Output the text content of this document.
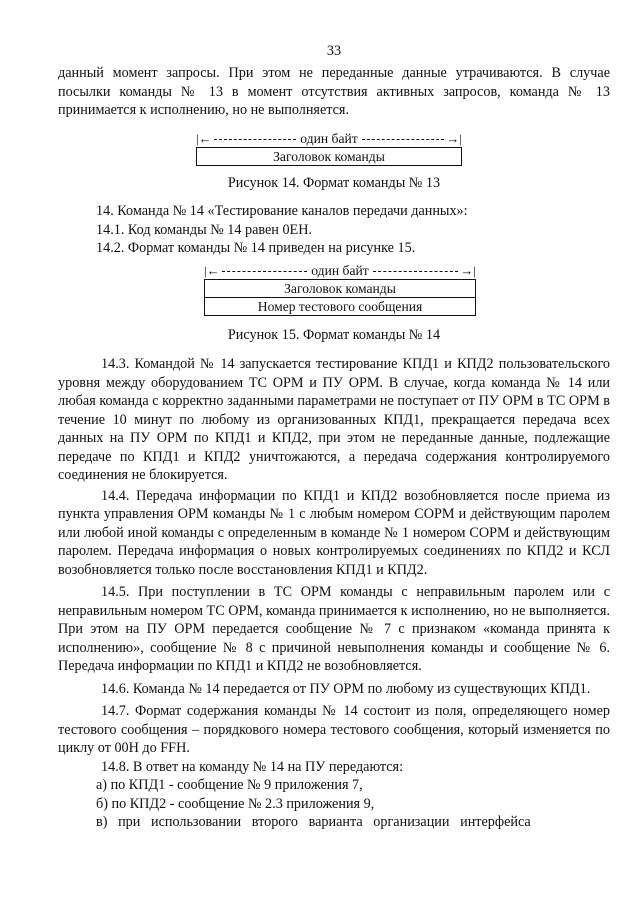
33

данный момент запросы. При этом не переданные данные утрачиваются. В случае посылки команды № 13 в момент отсутствия активных запросов, команда № 13 принимается к исполнению, но не выполняется.

|←	один байт	→|
Заголовок команды
Рисунок 14. Формат команды № 13

14. Команда № 14 «Тестирование каналов передачи данных»:

14.1. Код команды № 14 равен 0ЕН.

14.2. Формат команды № 14 приведен на рисунке 15.

|←	один байт	→|
Заголовок команды
Номер тестового сообщения
Рисунок 15. Формат команды № 14

14.3. Командой № 14 запускается тестирование КПД1 и КПД2 пользовательского уровня между оборудованием ТС ОРМ и ПУ ОРМ. В случае, когда команда № 14 или любая команда с корректно заданными параметрами не поступает от ПУ ОРМ в ТС ОРМ в течение 10 минут по любому из организованных КПД1, прекращается передача всех данных на ПУ ОРМ по КПД1 и КПД2, при этом не переданные данные, подлежащие передаче по КПД1 и КПД2 уничтожаются, а передача содержания контролируемого соединения не блокируется.

14.4. Передача информации по КПД1 и КПД2 возобновляется после приема из пункта управления ОРМ команды № 1 с любым номером СОРМ и действующим паролем или любой иной команды с определенным в команде № 1 номером СОРМ и действующим паролем. Передача информация о новых контролируемых соединениях по КПД2 и КСЛ возобновляется только после восстановления КПД1 и КПД2.

14.5. При поступлении в ТС ОРМ команды с неправильным паролем или с неправильным номером ТС ОРМ, команда принимается к исполнению, но не выполняется. При этом на ПУ ОРМ передается сообщение № 7 с признаком «команда принята к исполнению», сообщение № 8 с причиной невыполнения команды и сообщение № 6. Передача информации по КПД1 и КПД2 не возобновляется.

14.6. Команда № 14 передается от ПУ ОРМ по любому из существующих КПД1.

14.7. Формат содержания команды № 14 состоит из поля, определяющего номер тестового сообщения – порядкового номера тестового сообщения, который изменяется по циклу от 00Н до FFH.

14.8. В ответ на команду № 14 на ПУ передаются:

а) по КПД1 - сообщение № 9 приложения 7,

б) по КПД2 - сообщение № 2.3 приложения 9,

в)   при   использовании   второго   варианта   организации   интерфейса
